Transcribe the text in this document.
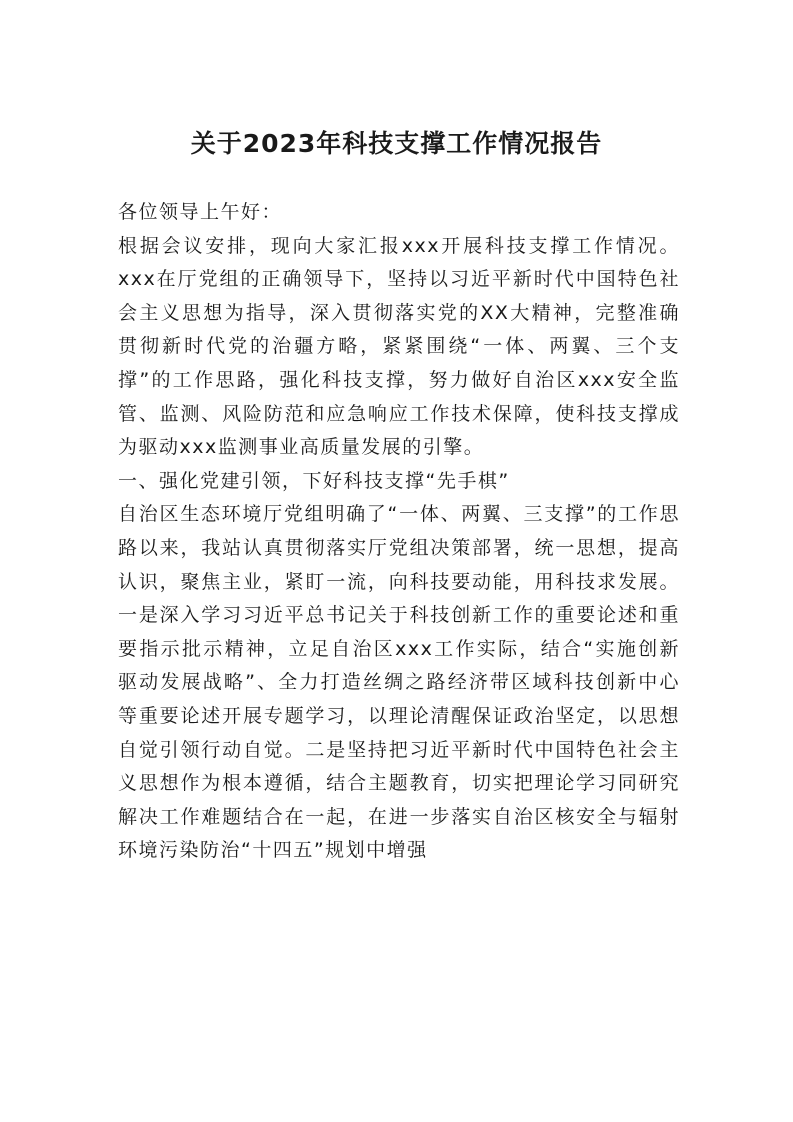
关于2023年科技支撑工作情况报告

各位领导上午好：

根据会议安排，现向大家汇报xxx开展科技支撑工作情况。xxx在厅党组的正确领导下，坚持以习近平新时代中国特色社会主义思想为指导，深入贯彻落实党的XX大精神，完整准确贯彻新时代党的治疆方略，紧紧围绕“一体、两翼、三个支撑”的工作思路，强化科技支撑，努力做好自治区xxx安全监管、监测、风险防范和应急响应工作技术保障，使科技支撑成为驱动xxx监测事业高质量发展的引擎。

一、强化党建引领，下好科技支撑“先手棋”

自治区生态环境厅党组明确了“一体、两翼、三支撑”的工作思路以来，我站认真贯彻落实厅党组决策部署，统一思想，提高认识，聚焦主业，紧盯一流，向科技要动能，用科技求发展。一是深入学习习近平总书记关于科技创新工作的重要论述和重要指示批示精神，立足自治区xxx工作实际，结合“实施创新驱动发展战略”、全力打造丝绸之路经济带区域科技创新中心等重要论述开展专题学习，以理论清醒保证政治坚定，以思想自觉引领行动自觉。二是坚持把习近平新时代中国特色社会主义思想作为根本遵循，结合主题教育，切实把理论学习同研究解决工作难题结合在一起，在进一步落实自治区核安全与辐射环境污染防治“十四五”规划中增强
